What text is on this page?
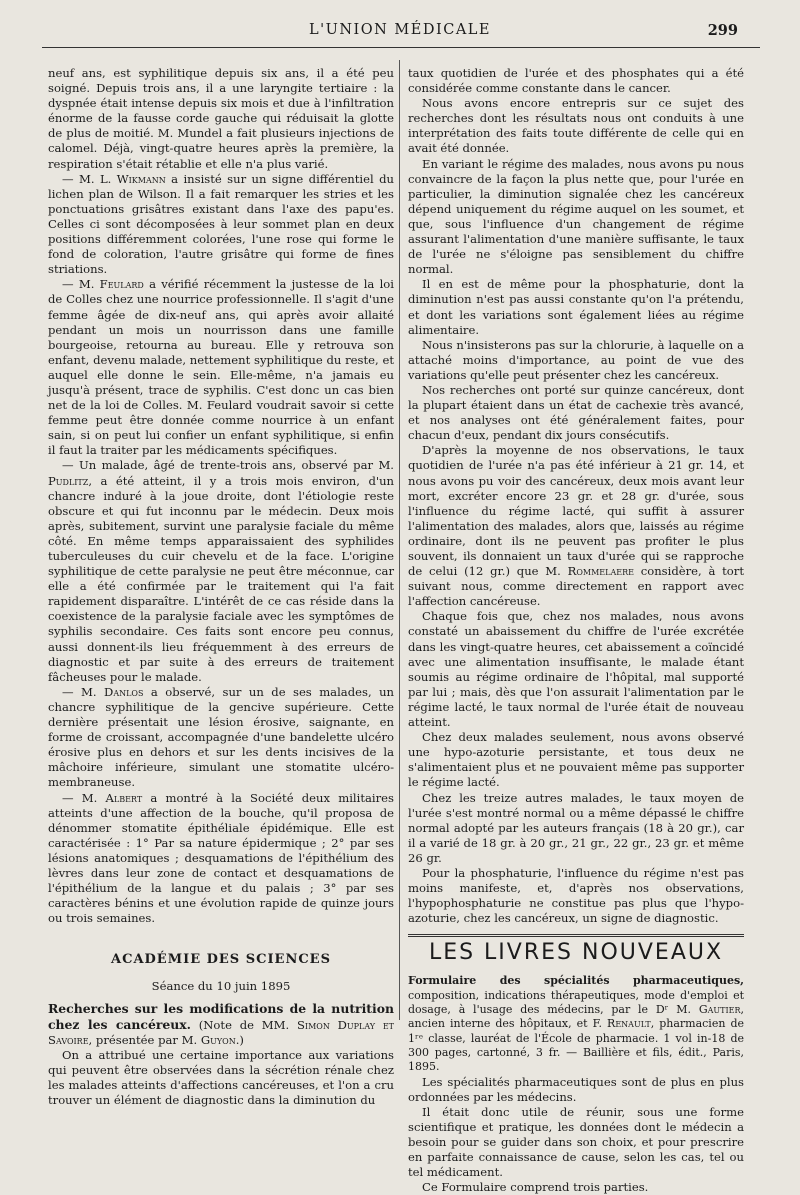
L'UNION MÉDICALE	299

neuf ans, est syphilitique depuis six ans, il a été peu soigné. Depuis trois ans, il a une laryngite tertiaire : la dyspnée était intense depuis six mois et due à l'infiltration énorme de la fausse corde gauche qui réduisait la glotte de plus de moitié. M. Mundel a fait plusieurs injections de calomel. Déjà, vingt-quatre heures après la première, la respiration s'était rétablie et elle n'a plus varié.

— M. L. Wikmann a insisté sur un signe différentiel du lichen plan de Wilson. Il a fait remarquer les stries et les ponctuations grisâtres existant dans l'axe des papu'es. Celles ci sont décomposées à leur sommet plan en deux positions différemment colorées, l'une rose qui forme le fond de coloration, l'autre grisâtre qui forme de fines striations.

— M. Feulard a vérifié récemment la justesse de la loi de Colles chez une nourrice professionnelle. Il s'agit d'une femme âgée de dix-neuf ans, qui après avoir allaité pendant un mois un nourrisson dans une famille bourgeoise, retourna au bureau. Elle y retrouva son enfant, devenu malade, nettement syphilitique du reste, et auquel elle donne le sein. Elle-même, n'a jamais eu jusqu'à présent, trace de syphilis. C'est donc un cas bien net de la loi de Colles. M. Feulard voudrait savoir si cette femme peut être donnée comme nourrice à un enfant sain, si on peut lui confier un enfant syphilitique, si enfin il faut la traiter par les médicaments spécifiques.

— Un malade, âgé de trente-trois ans, observé par M. Pudlitz, a été atteint, il y a trois mois environ, d'un chancre induré à la joue droite, dont l'étiologie reste obscure et qui fut inconnu par le médecin. Deux mois après, subitement, survint une paralysie faciale du même côté. En même temps apparaissaient des syphilides tuberculeuses du cuir chevelu et de la face. L'origine syphilitique de cette paralysie ne peut être méconnue, car elle a été confirmée par le traitement qui l'a fait rapidement disparaître. L'intérêt de ce cas réside dans la coexistence de la paralysie faciale avec les symptômes de syphilis secondaire. Ces faits sont encore peu connus, aussi donnent-ils lieu fréquemment à des erreurs de diagnostic et par suite à des erreurs de traitement fâcheuses pour le malade.

— M. Danlos a observé, sur un de ses malades, un chancre syphilitique de la gencive supérieure. Cette dernière présentait une lésion érosive, saignante, en forme de croissant, accompagnée d'une bandelette ulcéro érosive plus en dehors et sur les dents incisives de la mâchoire inférieure, simulant une stomatite ulcéro-membraneuse.

— M. Albert a montré à la Société deux militaires atteints d'une affection de la bouche, qu'il proposa de dénommer stomatite épithéliale épidémique. Elle est caractérisée : 1° Par sa nature épidermique ; 2° par ses lésions anatomiques ; desquamations de l'épithélium des lèvres dans leur zone de contact et desquamations de l'épithélium de la langue et du palais ; 3° par ses caractères bénins et une évolution rapide de quinze jours ou trois semaines.

ACADÉMIE DES SCIENCES
Séance du 10 juin 1895

Recherches sur les modifications de la nutrition chez les cancéreux. (Note de MM. Simon Duplay et Savoire, présentée par M. Guyon.)

On a attribué une certaine importance aux variations qui peuvent être observées dans la sécrétion rénale chez les malades atteints d'affections cancéreuses, et l'on a cru trouver un élément de diagnostic dans la diminution du

taux quotidien de l'urée et des phosphates qui a été considérée comme constante dans le cancer.

Nous avons encore entrepris sur ce sujet des recherches dont les résultats nous ont conduits à une interprétation des faits toute différente de celle qui en avait été donnée.

En variant le régime des malades, nous avons pu nous convaincre de la façon la plus nette que, pour l'urée en particulier, la diminution signalée chez les cancéreux dépend uniquement du régime auquel on les soumet, et que, sous l'influence d'un changement de régime assurant l'alimentation d'une manière suffisante, le taux de l'urée ne s'éloigne pas sensiblement du chiffre normal.

Il en est de même pour la phosphaturie, dont la diminution n'est pas aussi constante qu'on l'a prétendu, et dont les variations sont également liées au régime alimentaire.

Nous n'insisterons pas sur la chlorurie, à laquelle on a attaché moins d'importance, au point de vue des variations qu'elle peut présenter chez les cancéreux.

Nos recherches ont porté sur quinze cancéreux, dont la plupart étaient dans un état de cachexie très avancé, et nos analyses ont été généralement faites, pour chacun d'eux, pendant dix jours consécutifs.

D'après la moyenne de nos observations, le taux quotidien de l'urée n'a pas été inférieur à 21 gr. 14, et nous avons pu voir des cancéreux, deux mois avant leur mort, excréter encore 23 gr. et 28 gr. d'urée, sous l'influence du régime lacté, qui suffit à assurer l'alimentation des malades, alors que, laissés au régime ordinaire, dont ils ne peuvent pas profiter le plus souvent, ils donnaient un taux d'urée qui se rapproche de celui (12 gr.) que M. Rommelaere considère, à tort suivant nous, comme directement en rapport avec l'affection cancéreuse.

Chaque fois que, chez nos malades, nous avons constaté un abaissement du chiffre de l'urée excrétée dans les vingt-quatre heures, cet abaissement a coïncidé avec une alimentation insuffisante, le malade étant soumis au régime ordinaire de l'hôpital, mal supporté par lui ; mais, dès que l'on assurait l'alimentation par le régime lacté, le taux normal de l'urée était de nouveau atteint.

Chez deux malades seulement, nous avons observé une hypo-azoturie persistante, et tous deux ne s'alimentaient plus et ne pouvaient même pas supporter le régime lacté.

Chez les treize autres malades, le taux moyen de l'urée s'est montré normal ou a même dépassé le chiffre normal adopté par les auteurs français (18 à 20 gr.), car il a varié de 18 gr. à 20 gr., 21 gr., 22 gr., 23 gr. et même 26 gr.

Pour la phosphaturie, l'influence du régime n'est pas moins manifeste, et, d'après nos observations, l'hypophosphaturie ne constitue pas plus que l'hypo-azoturie, chez les cancéreux, un signe de diagnostic.

LES LIVRES NOUVEAUX

Formulaire des spécialités pharmaceutiques, composition, indications thérapeutiques, mode d'emploi et dosage, à l'usage des médecins, par le Dʳ M. Gautier, ancien interne des hôpitaux, et F. Renault, pharmacien de 1ʳᵉ classe, lauréat de l'École de pharmacie. 1 vol in-18 de 300 pages, cartonné, 3 fr. — Baillière et fils, édit., Paris, 1895.

Les spécialités pharmaceutiques sont de plus en plus ordonnées par les médecins.

Il était donc utile de réunir, sous une forme scientifique et pratique, les données dont le médecin a besoin pour se guider dans son choix, et pour prescrire en parfaite connaissance de cause, selon les cas, tel ou tel médicament.

Ce Formulaire comprend trois parties.
